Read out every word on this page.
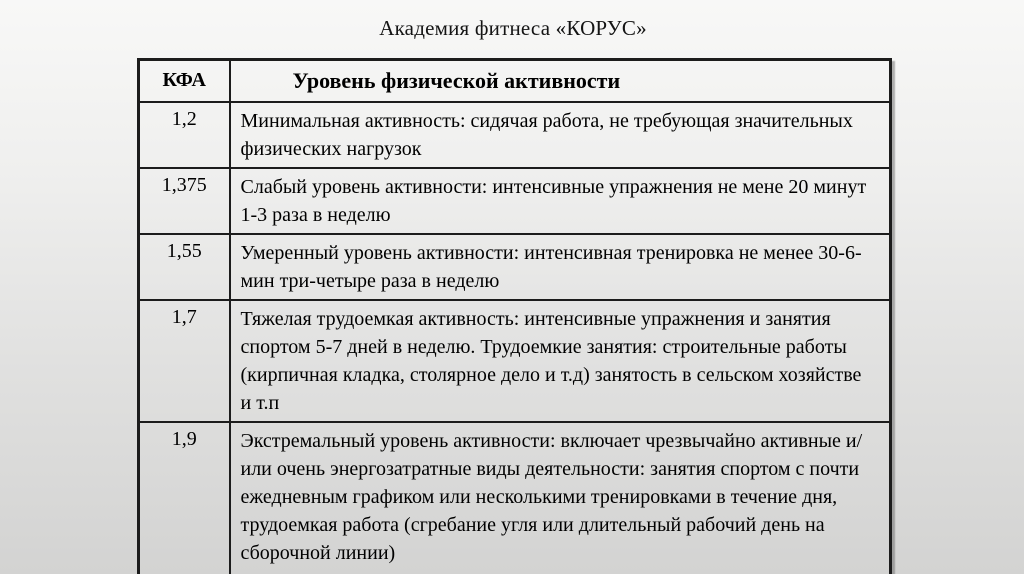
Академия фитнеса «КОРУС»
КФА	Уровень физической активности
1,2	Минимальная активность: сидячая работа, не требующая значительных физических нагрузок
1,375	Слабый уровень активности: интенсивные упражнения не мене 20 минут 1-3 раза в неделю
1,55	Умеренный уровень активности: интенсивная тренировка не менее 30-6-мин три-четыре раза в неделю
1,7	Тяжелая трудоемкая активность: интенсивные упражнения и занятия спортом 5-7 дней в неделю. Трудоемкие занятия: строительные работы (кирпичная кладка, столярное дело и т.д) занятость в сельском хозяйстве и т.п
1,9	Экстремальный уровень активности: включает чрезвычайно активные и/или очень энергозатратные виды деятельности: занятия спортом с почти ежедневным графиком или несколькими тренировками в течение дня, трудоемкая работа (сгребание угля или длительный рабочий день на сборочной линии)
